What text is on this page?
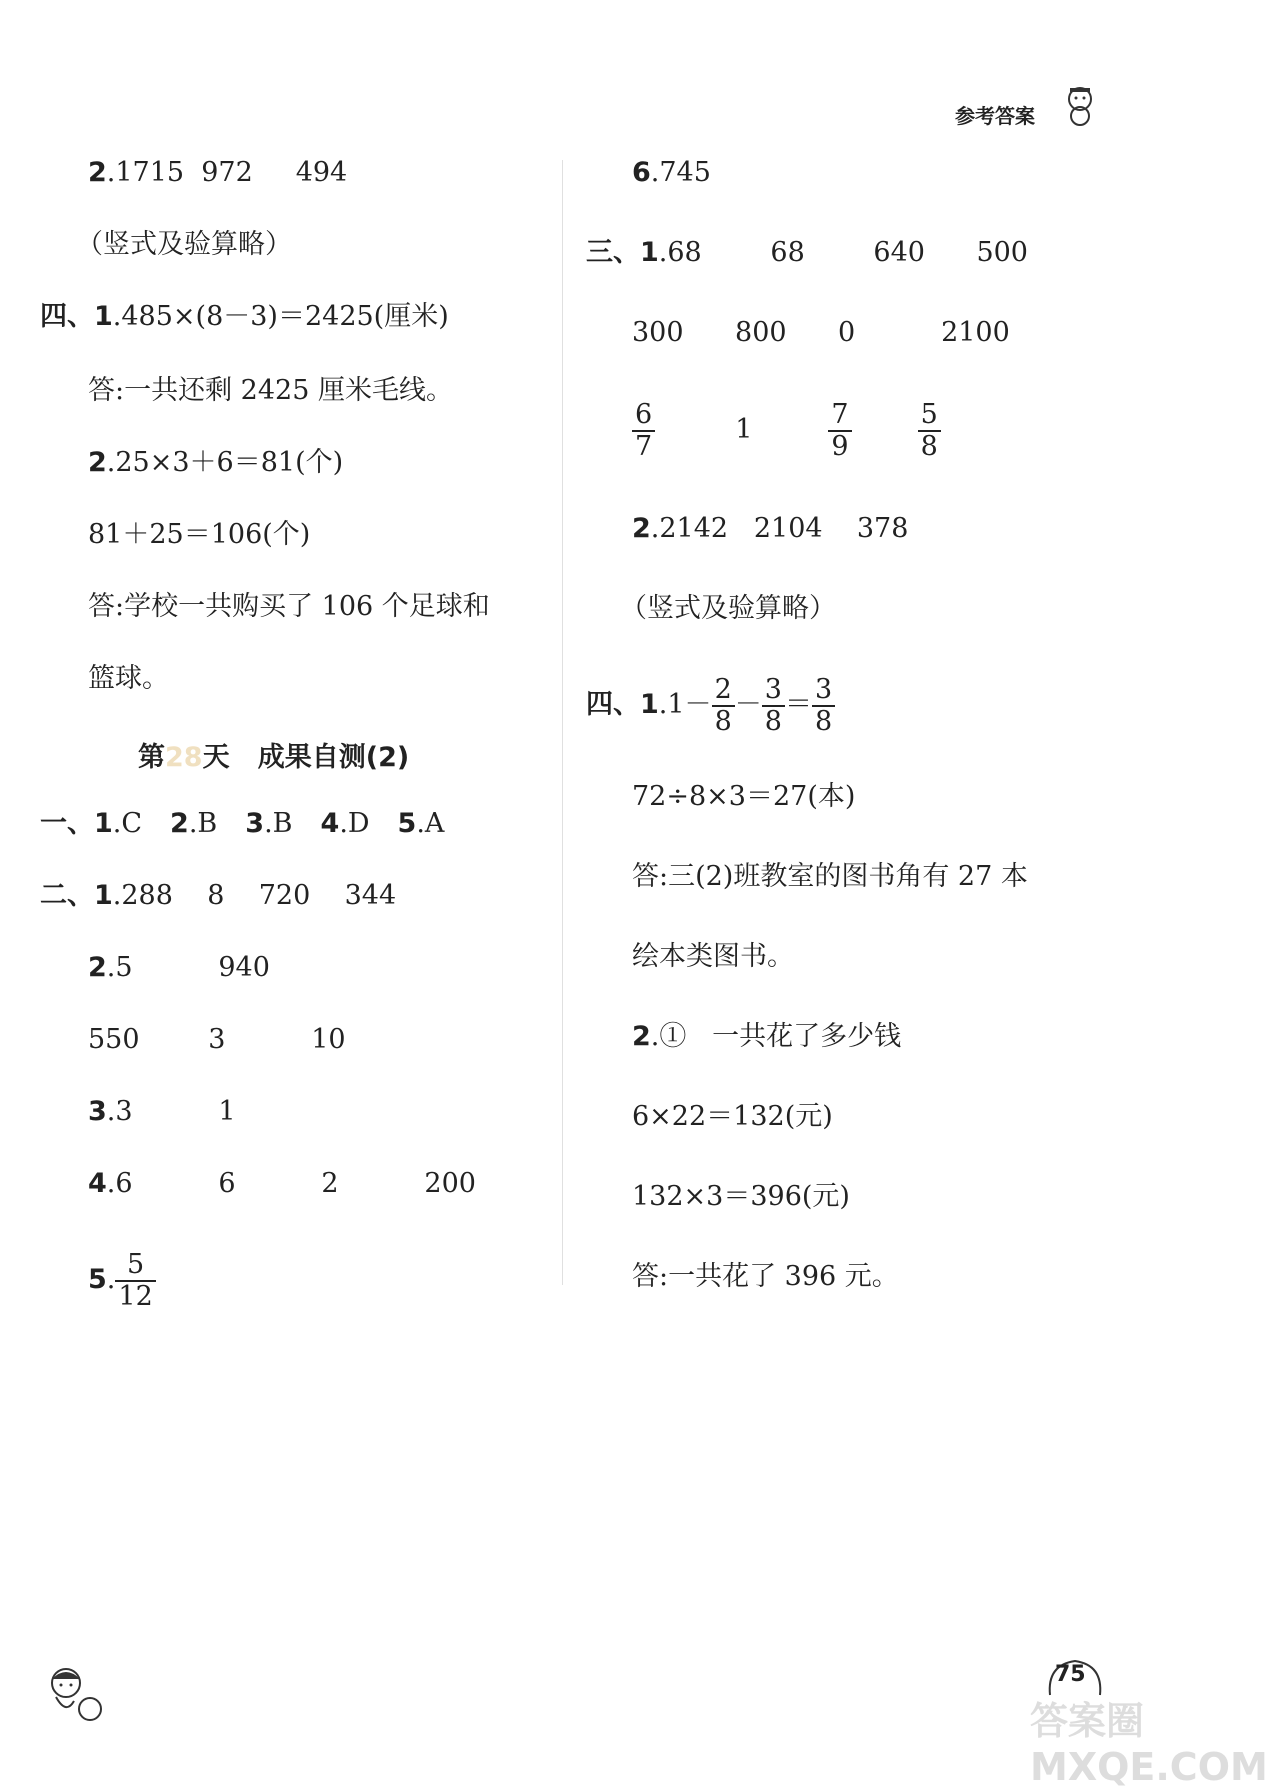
参考答案
2.1715  972     494
（竖式及验算略）
四、1.485×(8－3)＝2425(厘米)
答:一共还剩 2425 厘米毛线。
2.25×3＋6＝81(个)
81＋25＝106(个)
答:学校一共购买了 106 个足球和
篮球。
第28天   成果自测(2)
一、1.C 2.B 3.B 4.D 5.A
二、1.288    8    720    344
2.5          940
550        3          10
3.3          1
4.6          6          2          200
5. $\frac{5}{12}$
6.745
三、1.68        68        640      500
300      800      0          2100
$\frac{6}{7}$	1	$\frac{7}{9} \frac{5}{8}$
2.2142   2104    378
（竖式及验算略）
四、$1.1- \frac{2}{8} - \frac{3}{8} = \frac{3}{8}$
72÷8×3＝27(本)
答:三(2)班教室的图书角有 27 本
绘本类图书。
2.①   一共花了多少钱
6×22＝132(元)
132×3＝396(元)
答:一共花了 396 元。
75
答案圈 MXQE.COM
